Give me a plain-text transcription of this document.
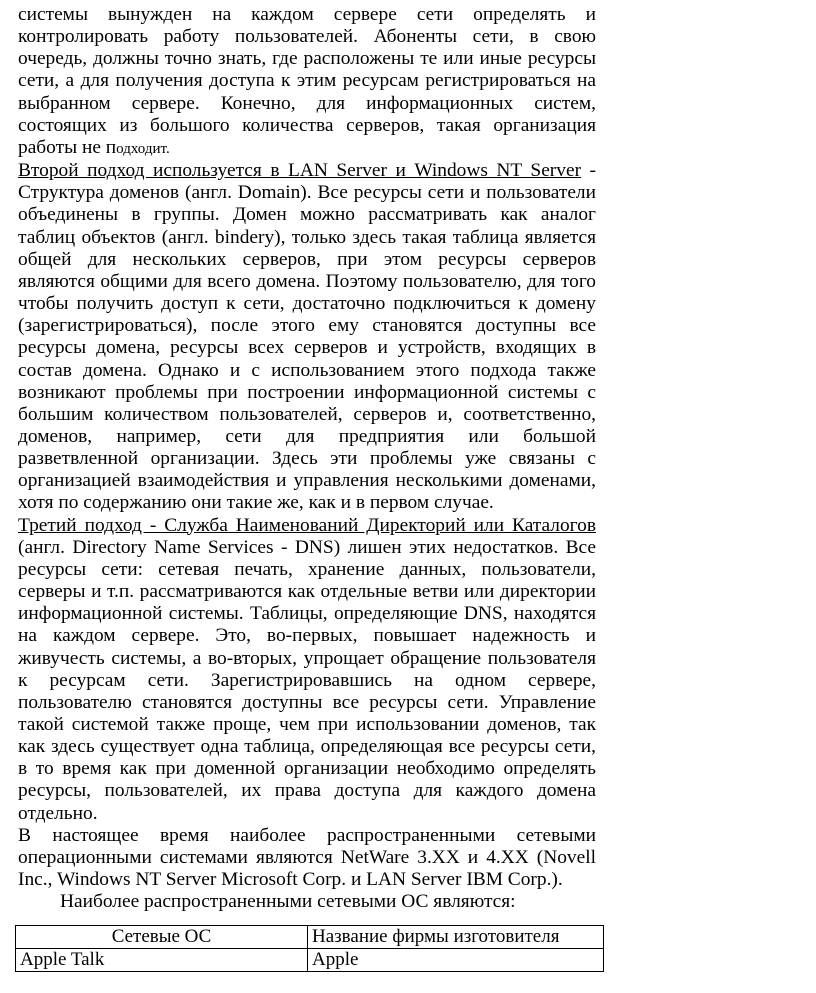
системы вынужден на каждом сервере сети определять и контролировать работу пользователей. Абоненты сети, в свою очередь, должны точно знать, где расположены те или иные ресурсы сети, а для получения доступа к этим ресурсам регистрироваться на выбранном сервере. Конечно, для информационных систем, состоящих из большого количества серверов, такая организация работы не подходит.

Второй подход используется в LAN Server и Windows NT Server - Структура доменов (англ. Domain). Все ресурсы сети и пользователи объединены в группы. Домен можно рассматривать как аналог таблиц объектов (англ. bindery), только здесь такая таблица является общей для нескольких серверов, при этом ресурсы серверов являются общими для всего домена. Поэтому пользователю, для того чтобы получить доступ к сети, достаточно подключиться к домену (зарегистрироваться), после этого ему становятся доступны все ресурсы домена, ресурсы всех серверов и устройств, входящих в состав домена. Однако и с использованием этого подхода также возникают проблемы при построении информационной системы с большим количеством пользователей, серверов и, соответственно, доменов, например, сети для предприятия или большой разветвленной организации. Здесь эти проблемы уже связаны с организацией взаимодействия и управления несколькими доменами, хотя по содержанию они такие же, как и в первом случае.

Третий подход - Служба Наименований Директорий или Каталогов (англ. Directory Name Services - DNS) лишен этих недостатков. Все ресурсы сети: сетевая печать, хранение данных, пользователи, серверы и т.п. рассматриваются как отдельные ветви или директории информационной системы. Таблицы, определяющие DNS, находятся на каждом сервере. Это, во-первых, повышает надежность и живучесть системы, а во-вторых, упрощает обращение пользователя к ресурсам сети. Зарегистрировавшись на одном сервере, пользователю становятся доступны все ресурсы сети. Управление такой системой также проще, чем при использовании доменов, так как здесь существует одна таблица, определяющая все ресурсы сети, в то время как при доменной организации необходимо определять ресурсы, пользователей, их права доступа для каждого домена отдельно.

В настоящее время наиболее распространенными сетевыми операционными системами являются NetWare 3.XX и 4.XX (Novell Inc., Windows NT Server Microsoft Corp. и LAN Server IBM Corp.).

Наиболее распространенными сетевыми ОС являются:

Сетевые ОС	Название фирмы изготовителя
Apple Talk	Apple
